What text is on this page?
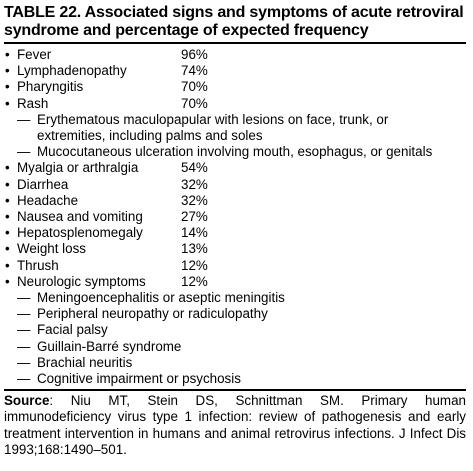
TABLE 22. Associated signs and symptoms of acute retroviral
syndrome and percentage of expected frequency
• Fever	96%
• Lymphadenopathy	74%
• Pharyngitis	70%
• Rash	70%
— Erythematous maculopapular with lesions on face, trunk, or
extremities, including palms and soles
— Mucocutaneous ulceration involving mouth, esophagus, or genitals
• Myalgia or arthralgia	54%
• Diarrhea	32%
• Headache	32%
• Nausea and vomiting	27%
• Hepatosplenomegaly	14%
• Weight loss	13%
• Thrush	12%
• Neurologic symptoms	12%
— Meningoencephalitis or aseptic meningitis
— Peripheral neuropathy or radiculopathy
— Facial palsy
— Guillain-Barré syndrome
— Brachial neuritis
— Cognitive impairment or psychosis
Source: Niu MT, Stein DS, Schnittman SM. Primary human immunodeficiency virus type 1 infection: review of pathogenesis and early treatment intervention in humans and animal retrovirus infections. J Infect Dis 1993;168:1490–501.
